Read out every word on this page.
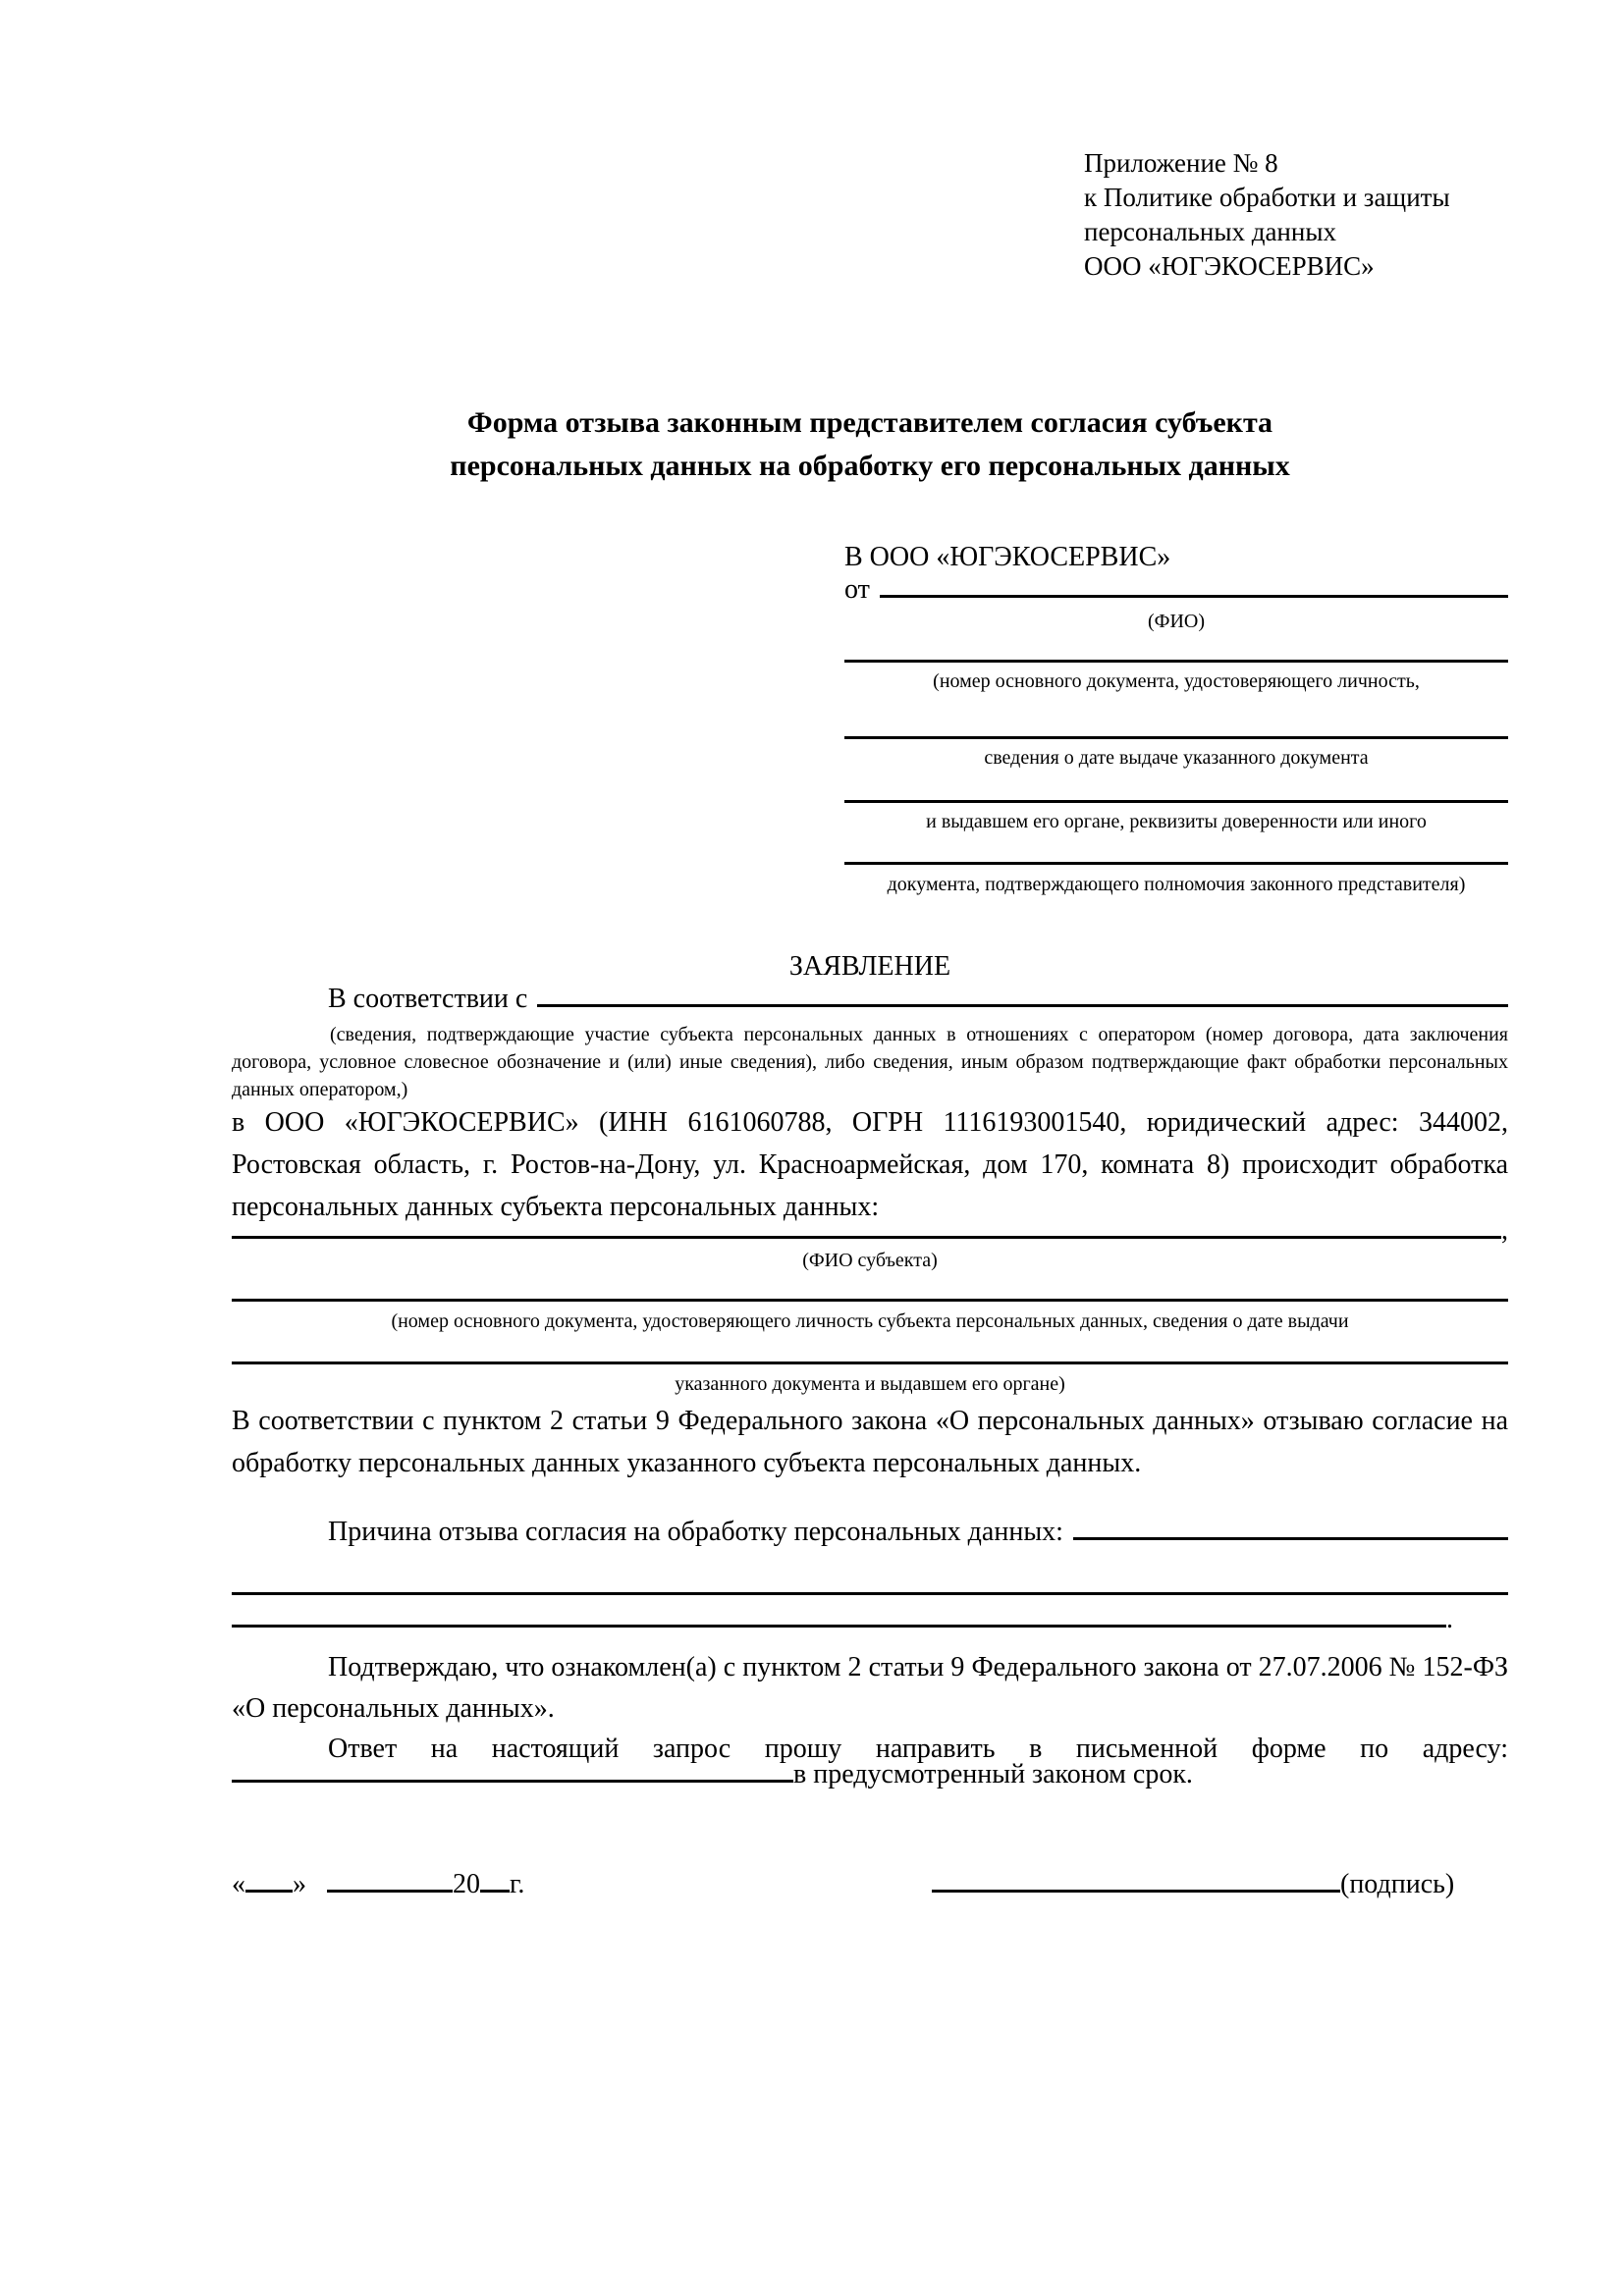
Приложение № 8
к Политике обработки и защиты
персональных данных
ООО «ЮГЭКОСЕРВИС»
Форма отзыва законным представителем согласия субъекта
персональных данных на обработку его персональных данных
В ООО «ЮГЭКОСЕРВИС»
от
(ФИО)
(номер основного документа, удостоверяющего личность,
сведения о дате выдаче указанного документа
и выдавшем его органе, реквизиты доверенности или иного
документа, подтверждающего полномочия законного представителя)
ЗАЯВЛЕНИЕ
В соответствии с
(сведения, подтверждающие участие субъекта персональных данных в отношениях с оператором (номер договора, дата заключения договора, условное словесное обозначение и (или) иные сведения), либо сведения, иным образом подтверждающие факт обработки персональных данных оператором,)
в ООО «ЮГЭКОСЕРВИС» (ИНН 6161060788, ОГРН 1116193001540, юридический адрес: 344002, Ростовская область, г. Ростов-на-Дону, ул. Красноармейская, дом 170, комната 8) происходит обработка персональных данных субъекта персональных данных:
,
(ФИО субъекта)
(номер основного документа, удостоверяющего личность субъекта персональных данных, сведения о дате выдачи
указанного документа и выдавшем его органе)
В соответствии с пунктом 2 статьи 9 Федерального закона «О персональных данных» отзываю согласие на обработку персональных данных указанного субъекта персональных данных.
Причина отзыва согласия на обработку персональных данных:
.
Подтверждаю, что ознакомлен(а) с пунктом 2 статьи 9 Федерального закона от 27.07.2006 № 152-ФЗ «О персональных данных».
Ответ на настоящий запрос прошу направить в письменной форме по адресу:
в предусмотренный законом срок.
« »	20 г.	(подпись)
